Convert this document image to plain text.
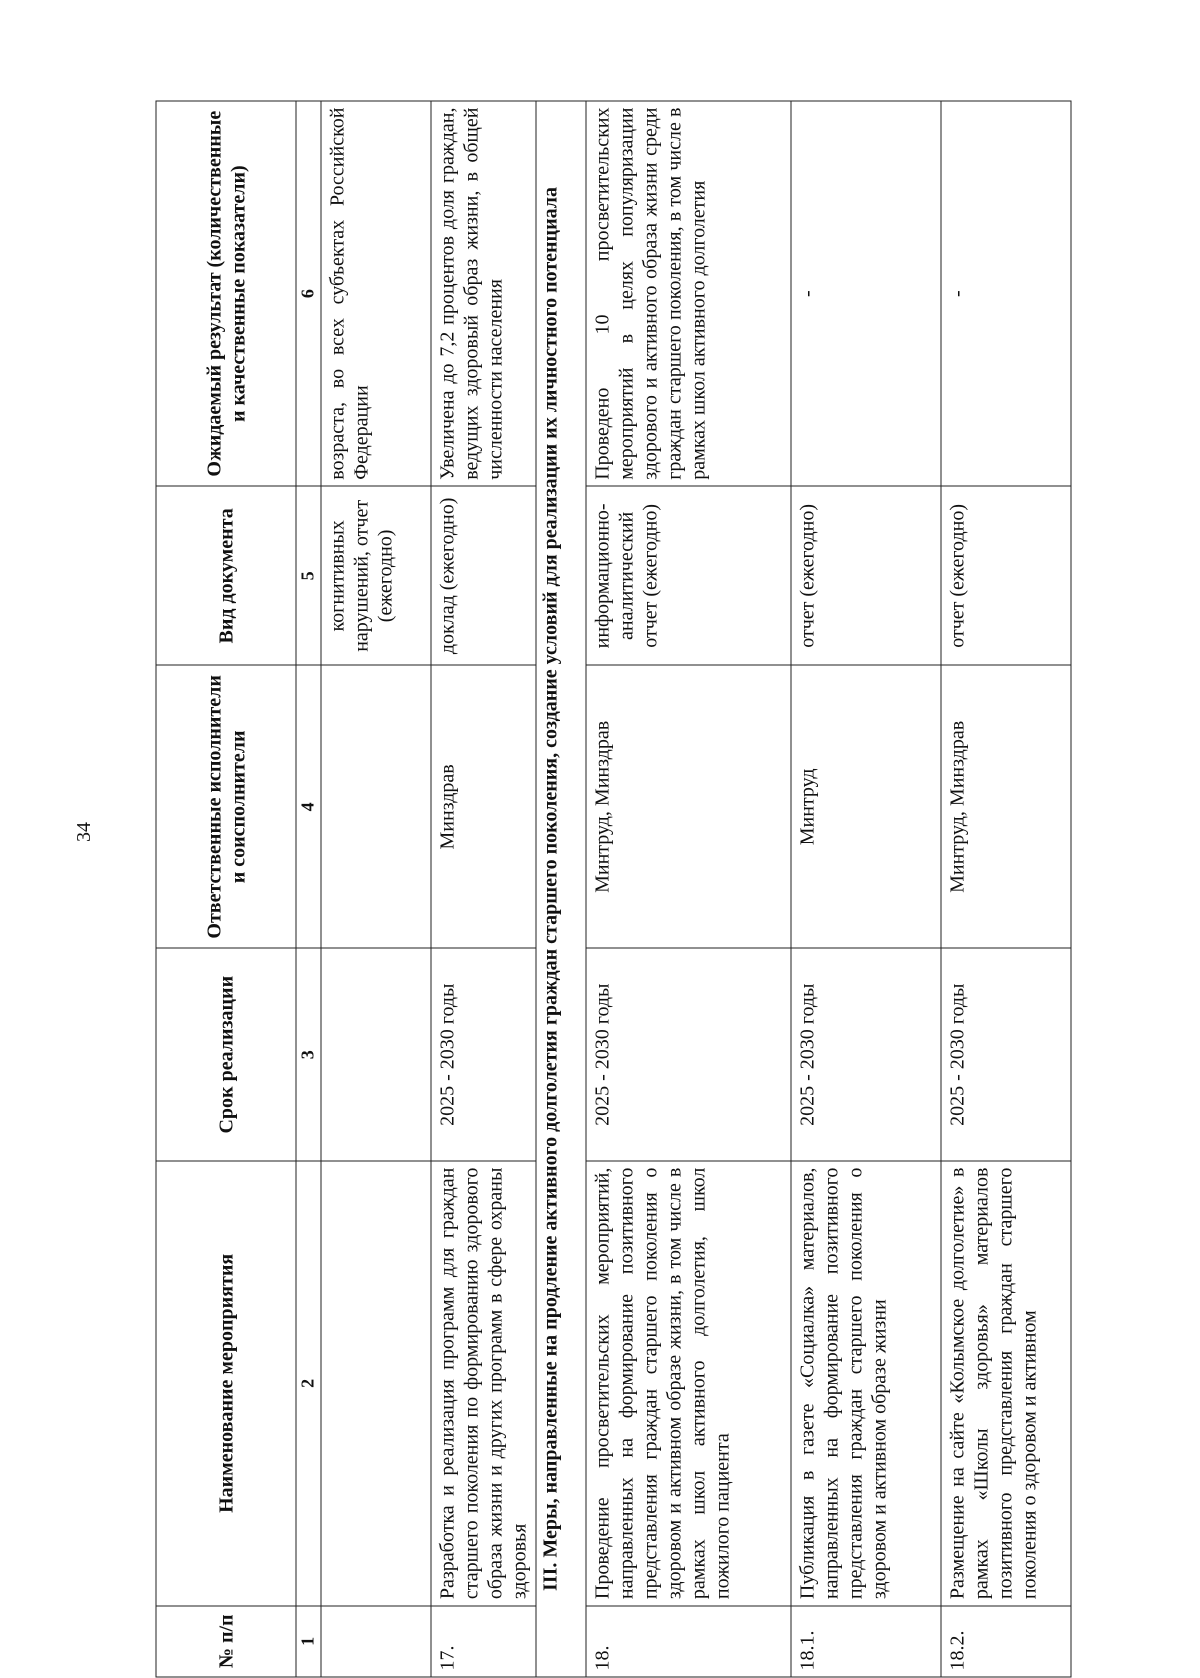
34
№ п/п	Наименование мероприятия	Срок реализации	Ответственные исполнители и соисполнители	Вид документа	Ожидаемый результат (количественные и качественные показатели)
1	2	3	4	5	6
				когнитивных нарушений, отчет (ежегодно)	возраста, во всех субъектах Российской Федерации
17.	Разработка и реализация программ для граждан старшего поколения по формированию здорового образа жизни и других программ в сфере охраны здоровья	2025 - 2030 годы	Минздрав	доклад (ежегодно)	Увеличена до 7,2 процентов доля граждан, ведущих здоровый образ жизни, в общей численности населения
III. Меры, направленные на продление активного долголетия граждан старшего поколения, создание условий для реализации их личностного потенциала					
18.	Проведение просветительских мероприятий, направленных на формирование позитивного представления граждан старшего поколения о здоровом и активном образе жизни, в том числе в рамках школ активного долголетия, школ пожилого пациента	2025 - 2030 годы	Минтруд, Минздрав	информационно-аналитический отчет (ежегодно)	Проведено 10 просветительских мероприятий в целях популяризации здорового и активного образа жизни среди граждан старшего поколения, в том числе в рамках школ активного долголетия
18.1.	Публикация в газете «Социалка» материалов, направленных на формирование позитивного представления граждан старшего поколения о здоровом и активном образе жизни	2025 - 2030 годы	Минтруд	отчет (ежегодно)	-
18.2.	Размещение на сайте «Колымское долголетие» в рамках «Школы здоровья» материалов позитивного представления граждан старшего поколения о здоровом и активном	2025 - 2030 годы	Минтруд, Минздрав	отчет (ежегодно)	-
